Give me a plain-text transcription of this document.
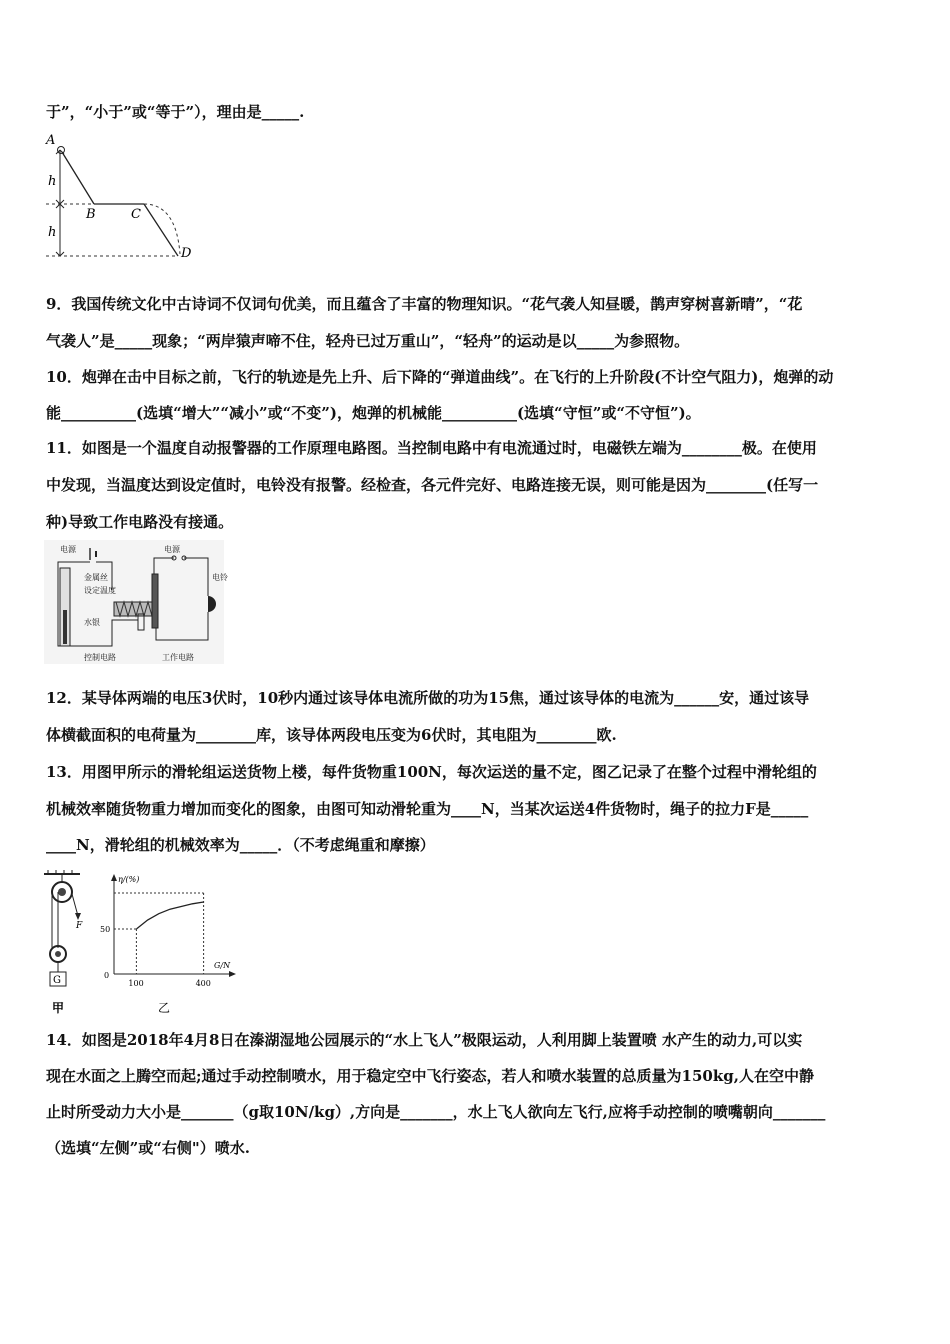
于”，“小于”或“等于”），理由是_____.
A
h
h
B	C
D
9．我国传统文化中古诗词不仅词句优美，而且蕴含了丰富的物理知识。“花气袭人知昼暖，鹊声穿树喜新晴”，“花
气袭人”是_____现象；“两岸猿声啼不住，轻舟已过万重山”，“轻舟”的运动是以_____为参照物。
10．炮弹在击中目标之前，飞行的轨迹是先上升、后下降的“弹道曲线”。在飞行的上升阶段(不计空气阻力)，炮弹的动
能__________(选填“增大”“减小”或“不变”)，炮弹的机械能__________(选填“守恒”或“不守恒”)。
11．如图是一个温度自动报警器的工作原理电路图。当控制电路中有电流通过时，电磁铁左端为________极。在使用
中发现，当温度达到设定值时，电铃没有报警。经检查，各元件完好、电路连接无误，则可能是因为________(任写一
种)导致工作电路没有接通。
电源	电源
金属丝
设定温度
水银
电铃
控制电路	工作电路
12．某导体两端的电压3伏时，10秒内通过该导体电流所做的功为15焦，通过该导体的电流为______安，通过该导
体横截面积的电荷量为________库，该导体两段电压变为6伏时，其电阻为________欧.
13．用图甲所示的滑轮组运送货物上楼，每件货物重100N，每次运送的量不定，图乙记录了在整个过程中滑轮组的
机械效率随货物重力增加而变化的图象，由图可知动滑轮重为____N，当某次运送4件货物时，绳子的拉力F是_____
____N，滑轮组的机械效率为_____．（不考虑绳重和摩擦）
F
G
甲
η/(%)
G/N
乙
0
100	400
50
14．如图是2018年4月8日在溱湖湿地公园展示的“水上飞人”极限运动，人利用脚上装置喷 水产生的动力,可以实
现在水面之上腾空而起;通过手动控制喷水，用于稳定空中飞行姿态，若人和喷水装置的总质量为150kg,人在空中静
止时所受动力大小是_______（g取10N/kg）,方向是_______，水上飞人欲向左飞行,应将手动控制的喷嘴朝向_______
（选填“左侧”或“右侧"）喷水.
